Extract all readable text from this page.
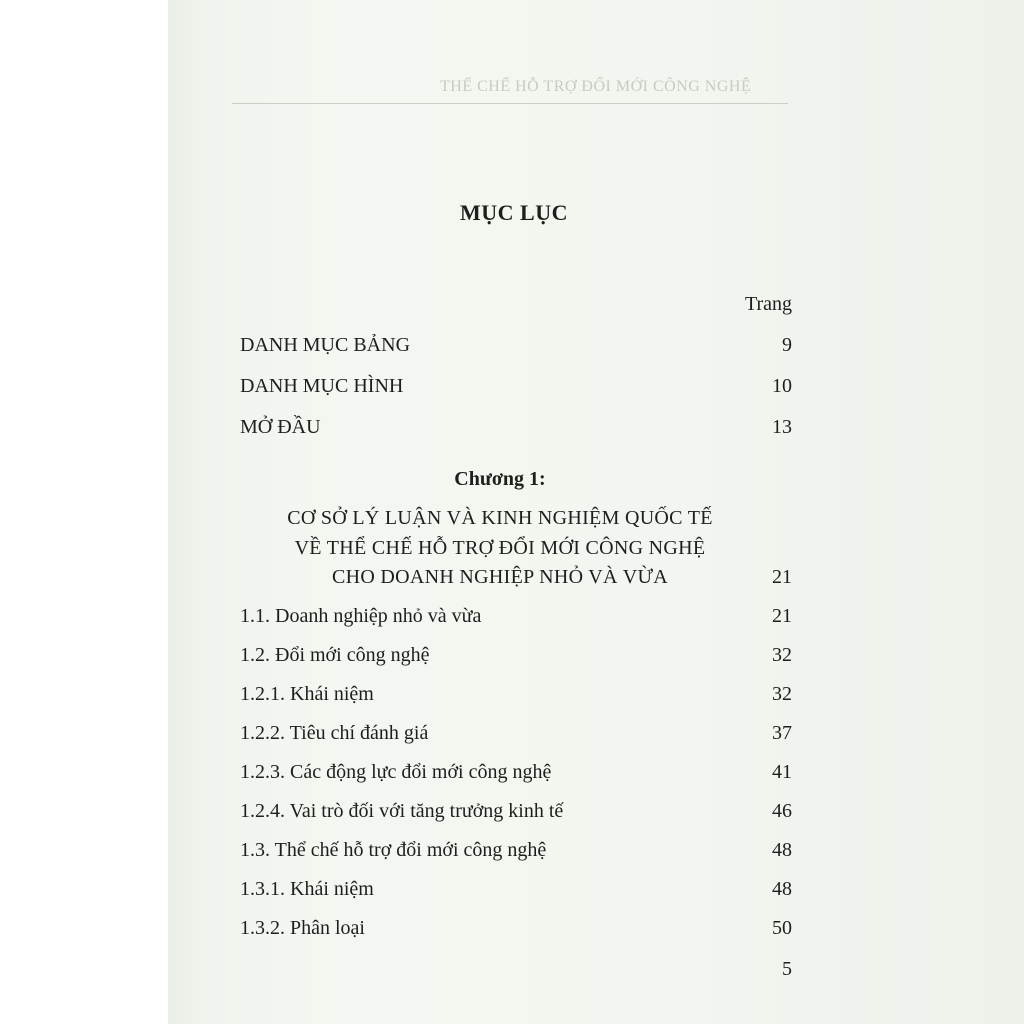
THỂ CHẾ HỖ TRỢ ĐỔI MỚI CÔNG NGHỆ
MỤC LỤC
Trang
DANH MỤC BẢNG	9
DANH MỤC HÌNH	10
MỞ ĐẦU	13
Chương 1:
CƠ SỞ LÝ LUẬN VÀ KINH NGHIỆM QUỐC TẾ
VỀ THỂ CHẾ HỖ TRỢ ĐỔI MỚI CÔNG NGHỆ
CHO DOANH NGHIỆP NHỎ VÀ VỪA	21
1.1. Doanh nghiệp nhỏ và vừa	21
1.2. Đổi mới công nghệ	32
1.2.1. Khái niệm	32
1.2.2. Tiêu chí đánh giá	37
1.2.3. Các động lực đổi mới công nghệ	41
1.2.4. Vai trò đối với tăng trưởng kinh tế	46
1.3. Thể chế hỗ trợ đổi mới công nghệ	48
1.3.1. Khái niệm	48
1.3.2. Phân loại	50
5
